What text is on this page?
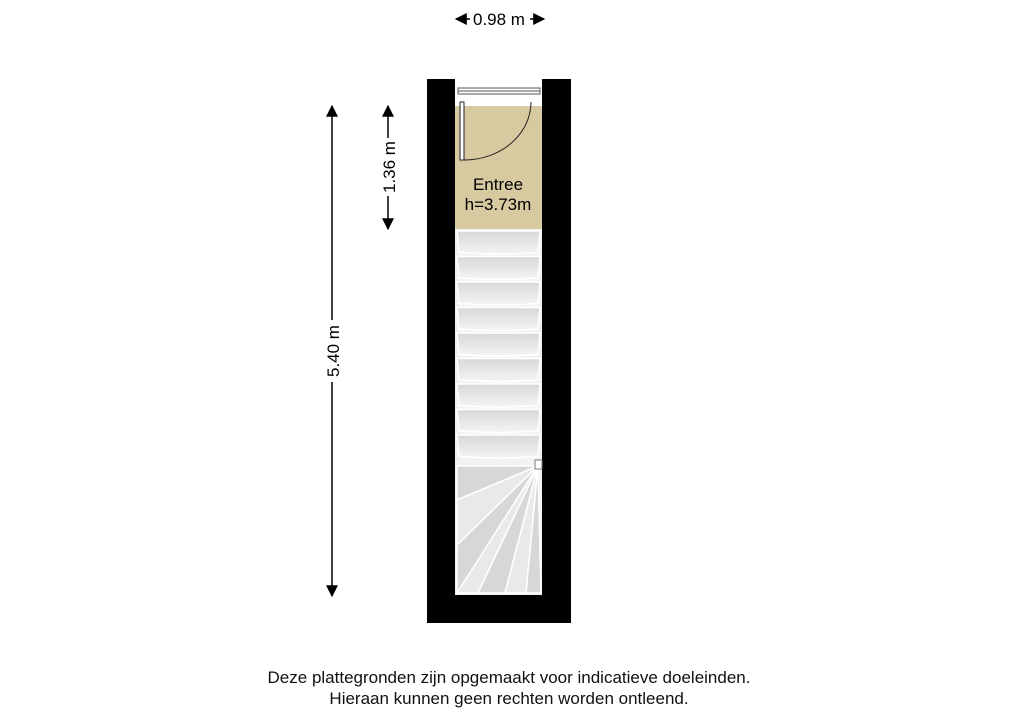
0.98 m
5.40 m
1.36 m	Entree
h=3.73m
Deze plattegronden zijn opgemaakt voor indicatieve doeleinden.
Hieraan kunnen geen rechten worden ontleend.
